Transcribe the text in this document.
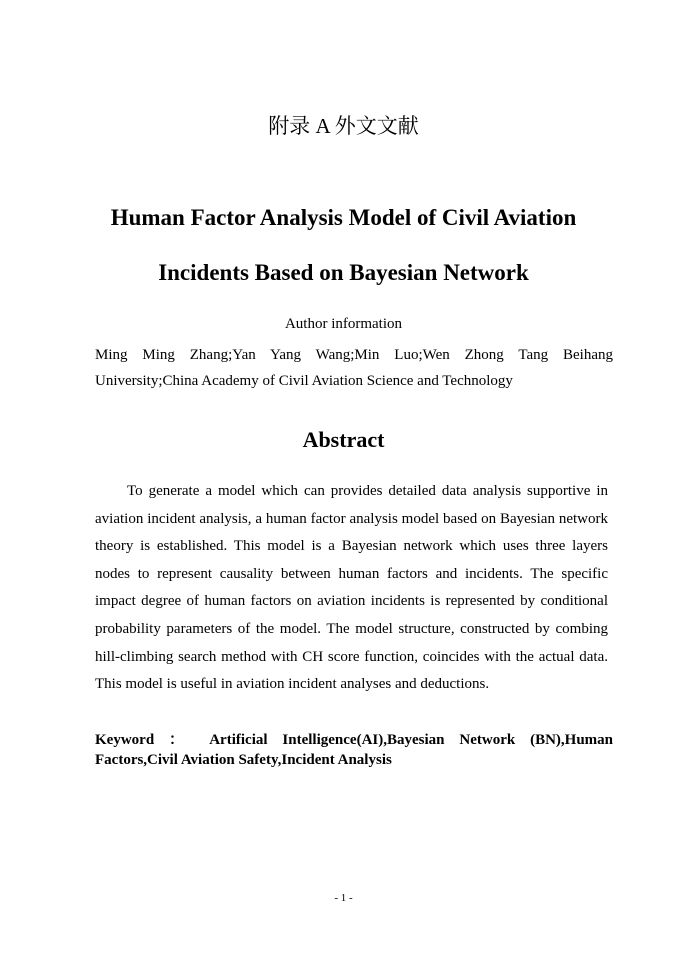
附录 A 外文文献
Human Factor Analysis Model of Civil Aviation
Incidents Based on Bayesian Network
Author information
Ming Ming Zhang;Yan Yang Wang;Min Luo;Wen Zhong Tang Beihang University;China Academy of Civil Aviation Science and Technology
Abstract
To generate a model which can provides detailed data analysis supportive in aviation incident analysis, a human factor analysis model based on Bayesian network theory is established. This model is a Bayesian network which uses three layers nodes to represent causality between human factors and incidents. The specific impact degree of human factors on aviation incidents is represented by conditional probability parameters of the model. The model structure, constructed by combing hill-climbing search method with CH score function, coincides with the actual data. This model is useful in aviation incident analyses and deductions.
Keyword ： Artificial Intelligence(AI),Bayesian Network (BN),Human Factors,Civil Aviation Safety,Incident Analysis
- 1 -
